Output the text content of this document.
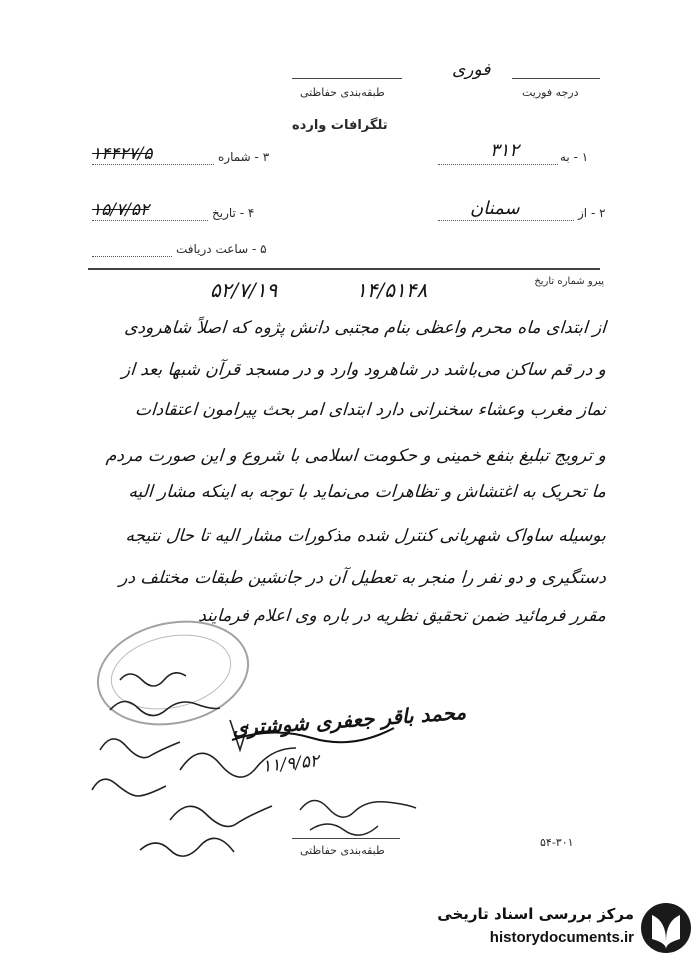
طبقه‌بندی حفاظتی
فوری
درجه فوریت
تلگرافات وارده
۱ - به
۳۱۲
۳ - شماره
۱۴۴۲۷/۵
۲ - از
سمنان
۴ - تاریخ
۱۵/۷/۵۲
۵ - ساعت دریافت
پیرو شماره تاریخ
۱۴/۵۱۴۸
۵۲/۷/۱۹
از ابتدای ماه محرم واعظی بنام مجتبی دانش پژوه که اصلاً شاهرودی
و در قم ساکن می‌باشد در شاهرود وارد و در مسجد قرآن شبها بعد از
نماز مغرب وعشاء سخنرانی دارد ابتدای امر بحث پیرامون اعتقادات
و ترویج تبلیغ بنفع خمینی و حکومت اسلامی با شروع و این صورت مردم
ما تحریک به اغتشاش و تظاهرات می‌نماید با توجه به اینکه مشار الیه
بوسیله ساواک شهربانی کنترل شده مذکورات مشار الیه تا حال نتیجه
دستگیری و دو نفر را منجر به تعطیل آن در جانشین طبقات مختلف در
مقرر فرمائید ضمن تحقیق نظریه در باره وی اعلام فرمایند
محمد باقر جعفری شوشتری
۱۱/۹/۵۲
طبقه‌بندی حفاظتی
۵۴-۳۰۱
مرکز بررسی اسناد تاریخی
historydocuments.ir
